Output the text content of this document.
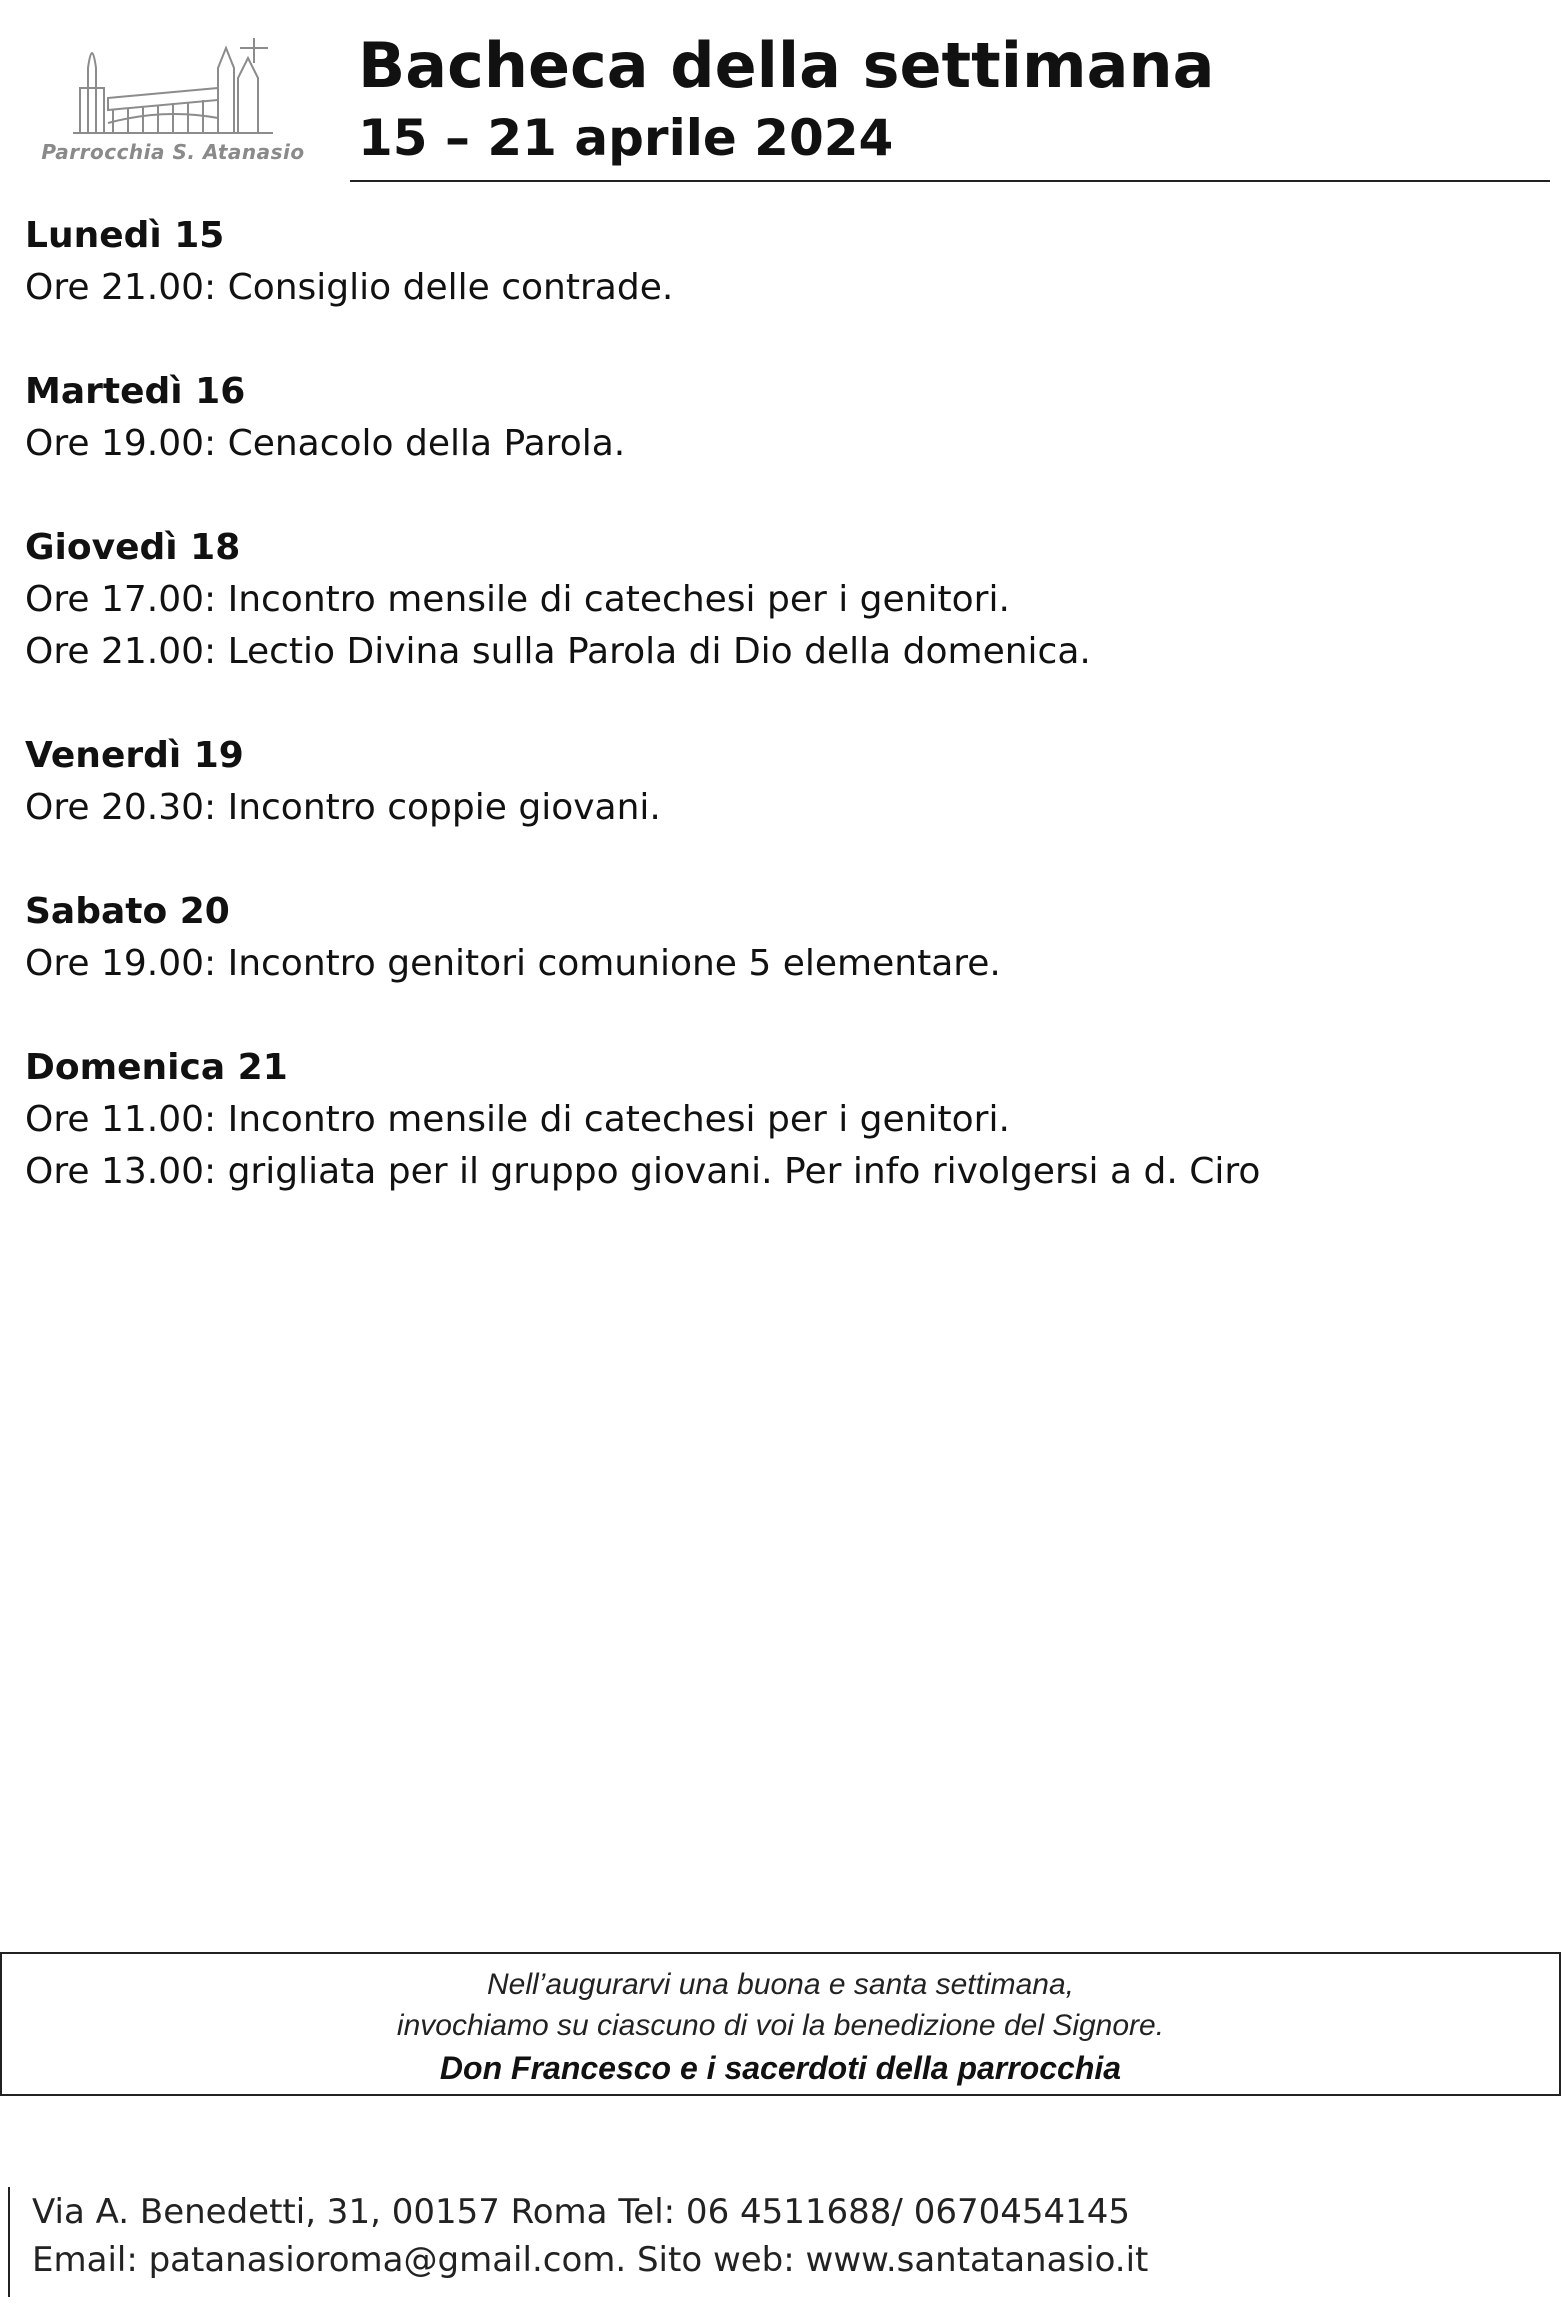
Parrocchia S. Atanasio
Bacheca della settimana
15 – 21 aprile 2024
Lunedì 15
Ore 21.00: Consiglio delle contrade.
Martedì 16
Ore 19.00: Cenacolo della Parola.
Giovedì 18
Ore 17.00: Incontro mensile di catechesi per i genitori.
Ore 21.00: Lectio Divina sulla Parola di Dio della domenica.
Venerdì 19
Ore 20.30: Incontro coppie giovani.
Sabato 20
Ore 19.00: Incontro genitori comunione 5 elementare.
Domenica 21
Ore 11.00: Incontro mensile di catechesi per i genitori.
Ore 13.00: grigliata per il gruppo giovani. Per info rivolgersi a d. Ciro
Nell’augurarvi una buona e santa settimana,
invochiamo su ciascuno di voi la benedizione del Signore.
Don Francesco e i sacerdoti della parrocchia
Via A. Benedetti, 31, 00157 Roma Tel: 06 4511688/ 0670454145
Email: patanasioroma@gmail.com. Sito web: www.santatanasio.it
